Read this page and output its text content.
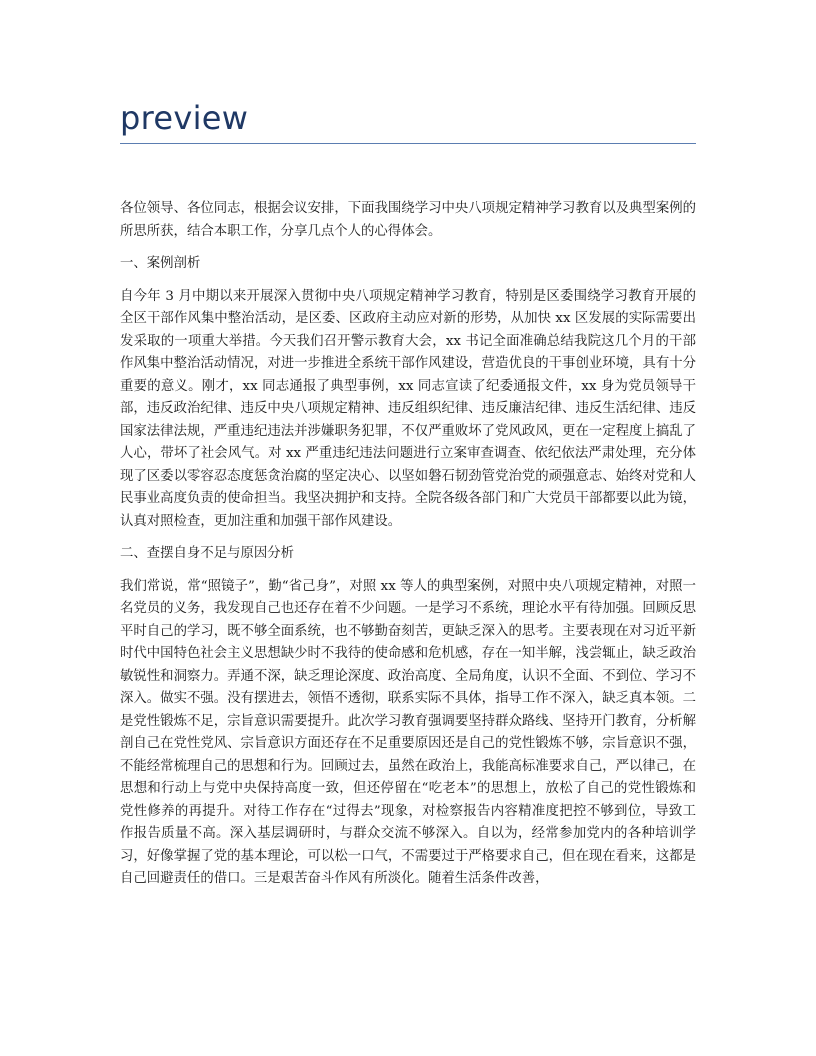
preview

各位领导、各位同志，根据会议安排，下面我围绕学习中央八项规定精神学习教育以及典型案例的所思所获，结合本职工作，分享几点个人的心得体会。

一、案例剖析

自今年 3 月中期以来开展深入贯彻中央八项规定精神学习教育，特别是区委围绕学习教育开展的全区干部作风集中整治活动，是区委、区政府主动应对新的形势，从加快 xx 区发展的实际需要出发采取的一项重大举措。今天我们召开警示教育大会，xx 书记全面准确总结我院这几个月的干部作风集中整治活动情况，对进一步推进全系统干部作风建设，营造优良的干事创业环境，具有十分重要的意义。刚才，xx 同志通报了典型事例，xx 同志宣读了纪委通报文件，xx 身为党员领导干部，违反政治纪律、违反中央八项规定精神、违反组织纪律、违反廉洁纪律、违反生活纪律、违反国家法律法规，严重违纪违法并涉嫌职务犯罪，不仅严重败坏了党风政风，更在一定程度上搞乱了人心，带坏了社会风气。对 xx 严重违纪违法问题进行立案审查调查、依纪依法严肃处理，充分体现了区委以零容忍态度惩贪治腐的坚定决心、以坚如磐石韧劲管党治党的顽强意志、始终对党和人民事业高度负责的使命担当。我坚决拥护和支持。全院各级各部门和广大党员干部都要以此为镜，认真对照检查，更加注重和加强干部作风建设。

二、查摆自身不足与原因分析

我们常说，常“照镜子”，勤“省己身”，对照 xx 等人的典型案例，对照中央八项规定精神，对照一名党员的义务，我发现自己也还存在着不少问题。一是学习不系统，理论水平有待加强。回顾反思平时自己的学习，既不够全面系统，也不够勤奋刻苦，更缺乏深入的思考。主要表现在对习近平新时代中国特色社会主义思想缺少时不我待的使命感和危机感，存在一知半解，浅尝辄止，缺乏政治敏锐性和洞察力。弄通不深，缺乏理论深度、政治高度、全局角度，认识不全面、不到位、学习不深入。做实不强。没有摆进去，领悟不透彻，联系实际不具体，指导工作不深入，缺乏真本领。二是党性锻炼不足，宗旨意识需要提升。此次学习教育强调要坚持群众路线、坚持开门教育，分析解剖自己在党性党风、宗旨意识方面还存在不足重要原因还是自己的党性锻炼不够，宗旨意识不强，不能经常梳理自己的思想和行为。回顾过去，虽然在政治上，我能高标准要求自己，严以律己，在思想和行动上与党中央保持高度一致，但还停留在“吃老本”的思想上，放松了自己的党性锻炼和党性修养的再提升。对待工作存在“过得去”现象，对检察报告内容精准度把控不够到位，导致工作报告质量不高。深入基层调研时，与群众交流不够深入。自以为，经常参加党内的各种培训学习，好像掌握了党的基本理论，可以松一口气，不需要过于严格要求自己，但在现在看来，这都是自己回避责任的借口。三是艰苦奋斗作风有所淡化。随着生活条件改善，
